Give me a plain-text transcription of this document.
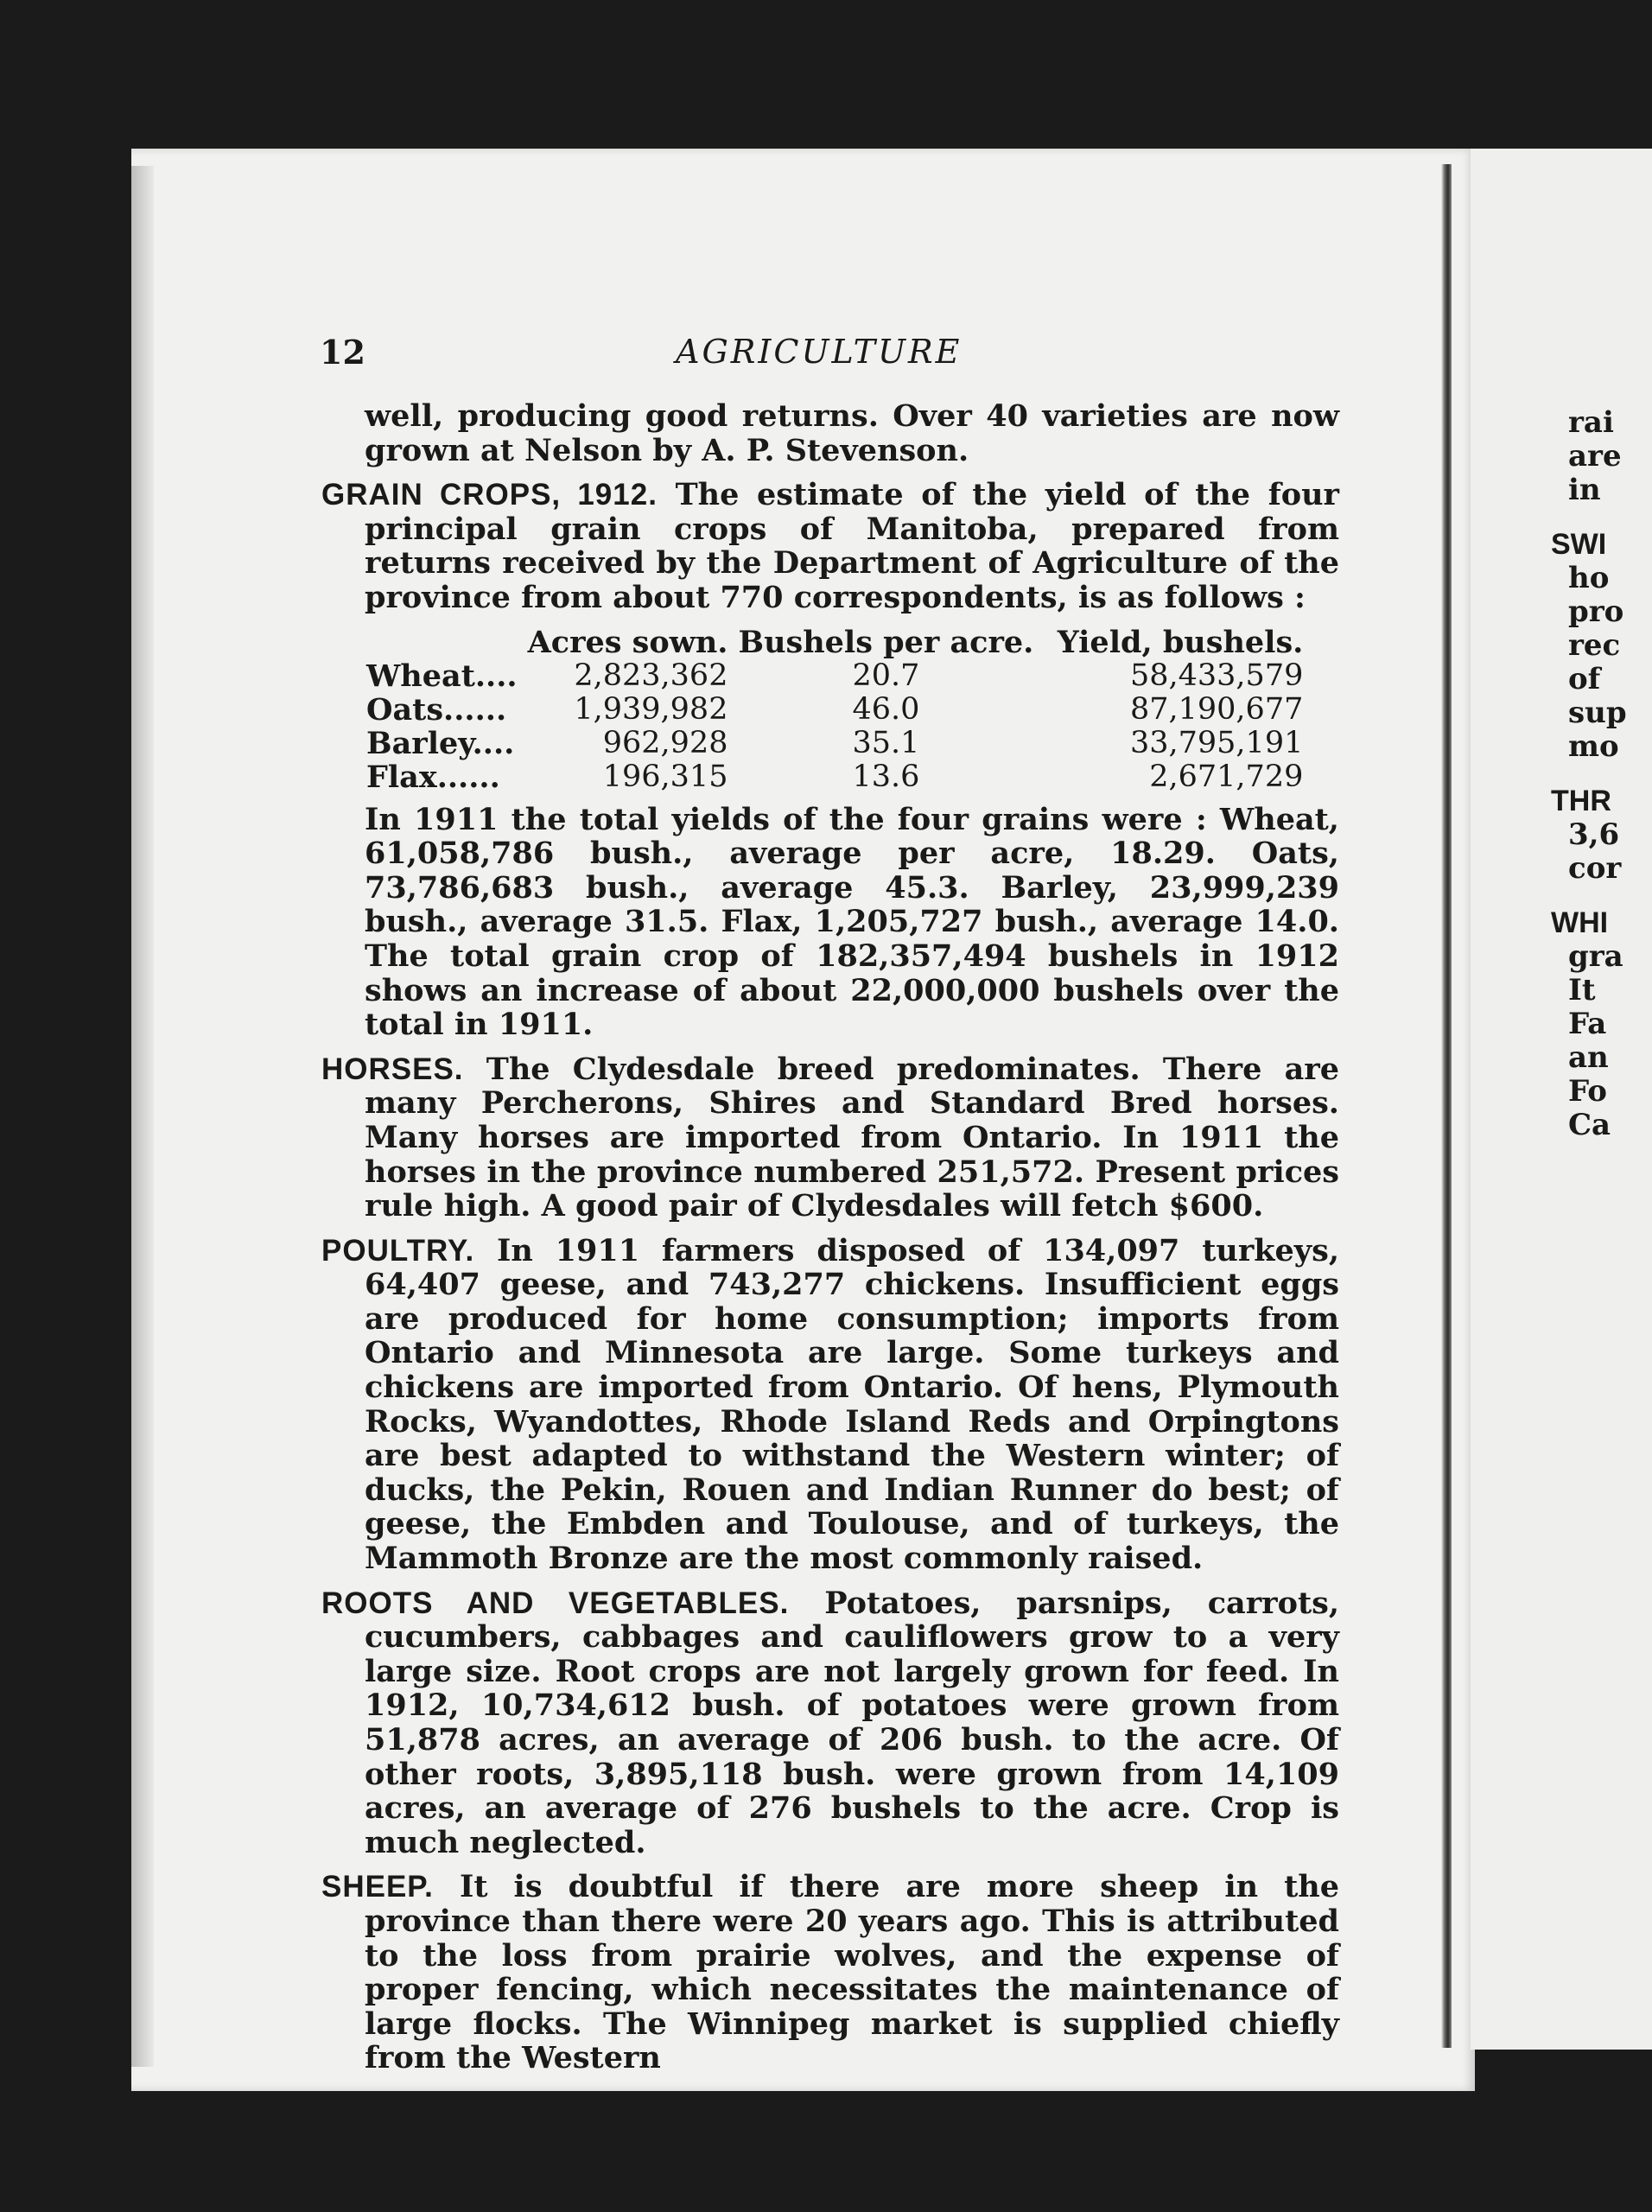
12	AGRICULTURE

well, producing good returns. Over 40 varieties are now grown at Nelson by A. P. Stevenson.

GRAIN CROPS, 1912. The estimate of the yield of the four principal grain crops of Manitoba, prepared from returns received by the Department of Agriculture of the province from about 770 correspondents, is as follows :

	Acres sown.	Bushels per acre.	Yield, bushels.
Wheat....	2,823,362	20.7	58,433,579
Oats......	1,939,982	46.0	87,190,677
Barley....	962,928	35.1	33,795,191
Flax......	196,315	13.6	2,671,729

In 1911 the total yields of the four grains were : Wheat, 61,058,786 bush., average per acre, 18.29. Oats, 73,786,683 bush., average 45.3. Barley, 23,999,239 bush., average 31.5. Flax, 1,205,727 bush., average 14.0. The total grain crop of 182,357,494 bushels in 1912 shows an increase of about 22,000,000 bushels over the total in 1911.

HORSES. The Clydesdale breed predominates. There are many Percherons, Shires and Standard Bred horses. Many horses are imported from Ontario. In 1911 the horses in the province numbered 251,572. Present prices rule high. A good pair of Clydesdales will fetch $600.

POULTRY. In 1911 farmers disposed of 134,097 turkeys, 64,407 geese, and 743,277 chickens. Insufficient eggs are produced for home consumption; imports from Ontario and Minnesota are large. Some turkeys and chickens are imported from Ontario. Of hens, Plymouth Rocks, Wyandottes, Rhode Island Reds and Orpingtons are best adapted to withstand the Western winter; of ducks, the Pekin, Rouen and Indian Runner do best; of geese, the Embden and Toulouse, and of turkeys, the Mammoth Bronze are the most commonly raised.

ROOTS AND VEGETABLES. Potatoes, parsnips, carrots, cucumbers, cabbages and cauliflowers grow to a very large size. Root crops are not largely grown for feed. In 1912, 10,734,612 bush. of potatoes were grown from 51,878 acres, an average of 206 bush. to the acre. Of other roots, 3,895,118 bush. were grown from 14,109 acres, an average of 276 bushels to the acre. Crop is much neglected.

SHEEP. It is doubtful if there are more sheep in the province than there were 20 years ago. This is attributed to the loss from prairie wolves, and the expense of proper fencing, which necessitates the maintenance of large flocks. The Winnipeg market is supplied chiefly from the Western

rai
are
in
SWI
ho
pro
rec
of
sup
mo
THR
3,6
cor
WHI
gra
It
Fa
an
Fo
Ca
